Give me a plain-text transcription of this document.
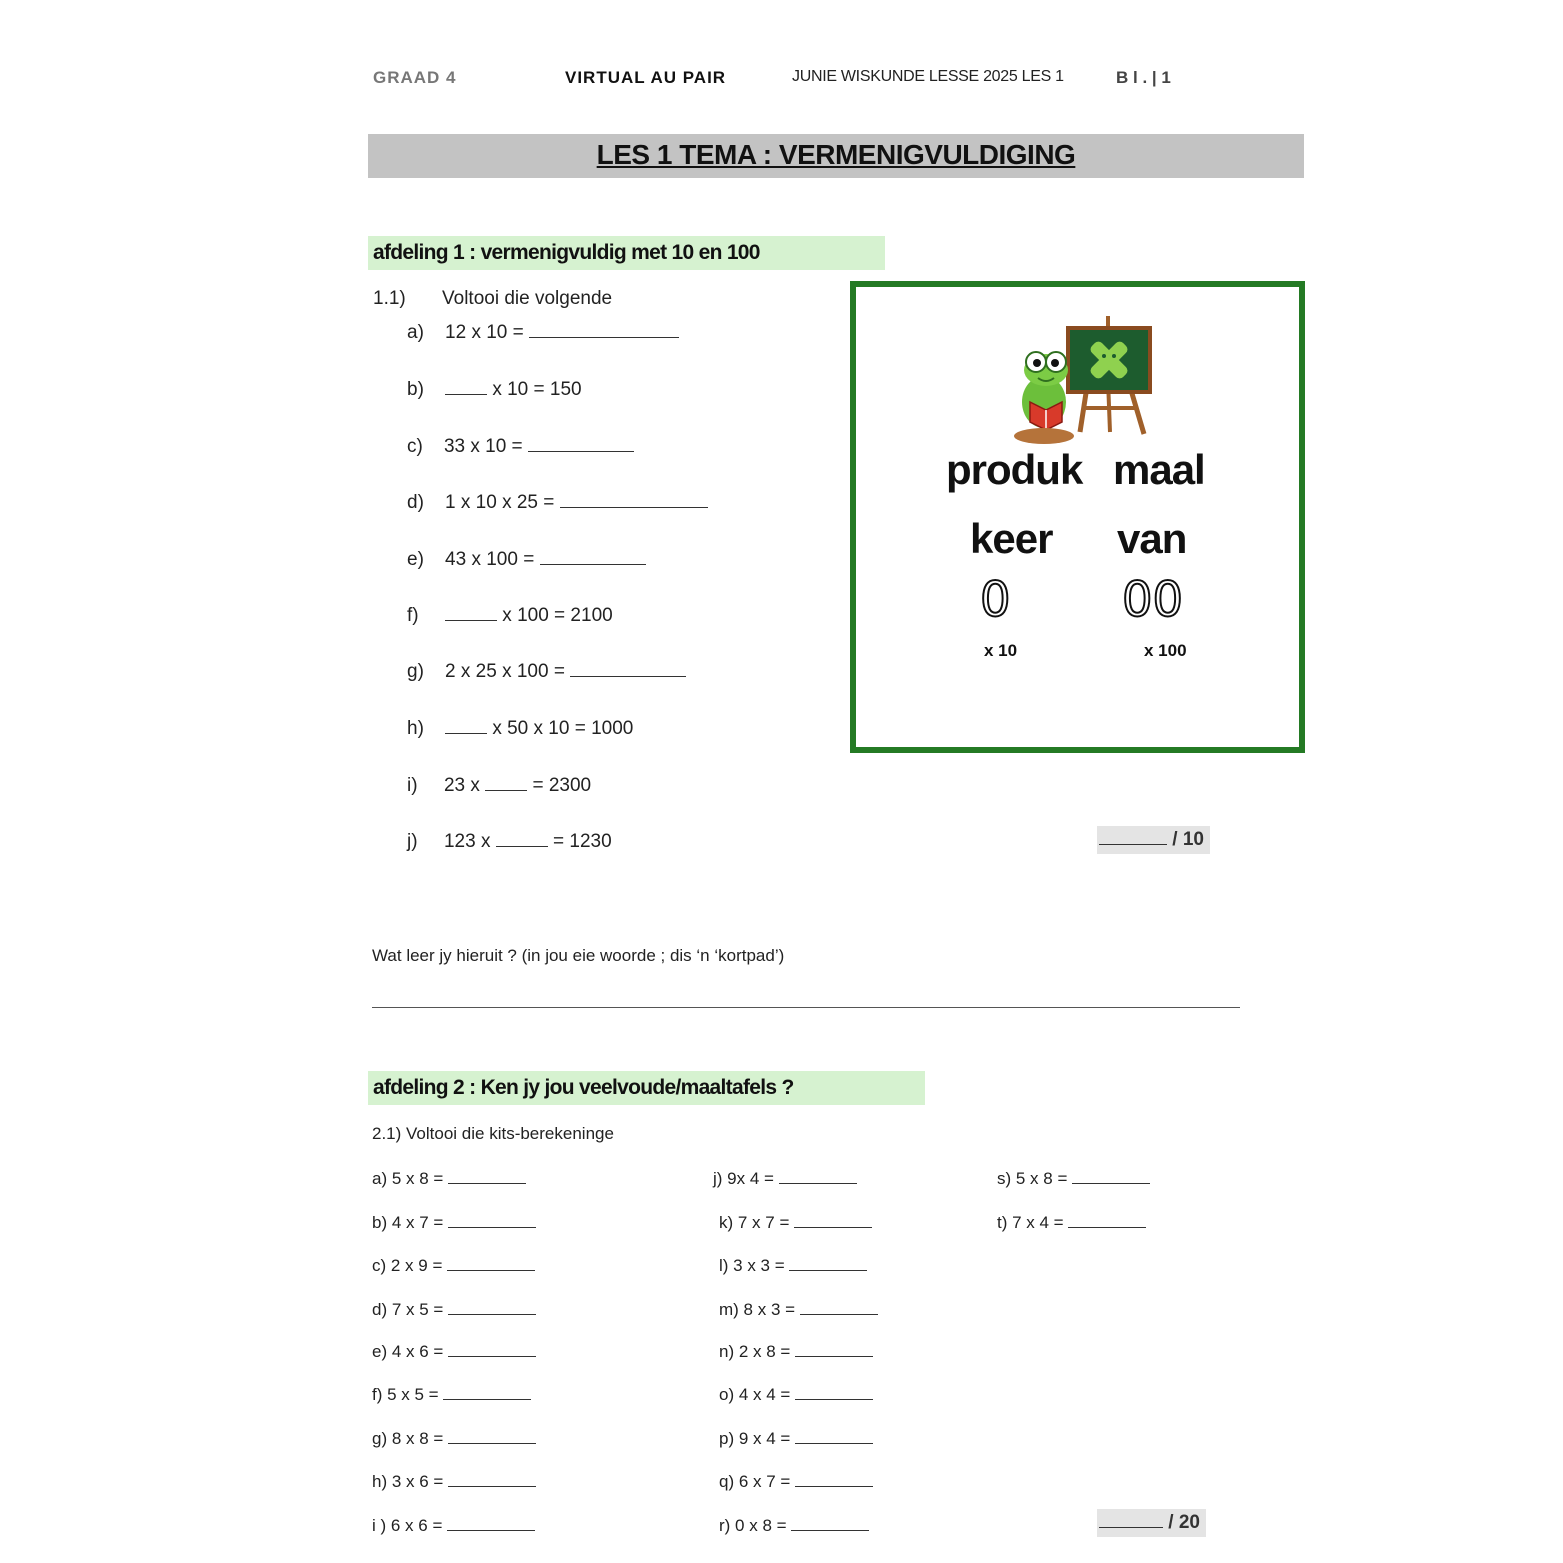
GRAAD 4	VIRTUAL AU PAIR	JUNIE WISKUNDE LESSE 2025 LES 1	B l . | 1
LES 1 TEMA : VERMENIGVULDIGING
afdeling 1 : vermenigvuldig met 10 en 100
1.1) Voltooi die volgende
a) 12 x 10 =
b)	x 10 = 150
c) 33 x 10 =
d) 1 x 10 x 25 =
e) 43 x 100 =
f)	x 100 = 2100
g) 2 x 25 x 100 =
h)	x 50 x 10 = 1000
i) 23 x	= 2300
j) 123 x	= 1230	/ 10
produk maal
keer van
0 00
x 10	x 100
Wat leer jy hieruit ? (in jou eie woorde ; dis ‘n ‘kortpad’)
afdeling 2 : Ken jy jou veelvoude/maaltafels ?
2.1) Voltooi die kits-berekeninge
a) 5 x 8 =
b) 4 x 7 =
c) 2 x 9 =
d) 7 x 5 =
e) 4 x 6 =
f) 5 x 5 =
g) 8 x 8 =
h) 3 x 6 =
i ) 6 x 6 =
j) 9x 4 =
k) 7 x 7 =
l) 3 x 3 =
m) 8 x 3 =
n) 2 x 8 =
o) 4 x 4 =
p) 9 x 4 =
q) 6 x 7 =
r) 0 x 8 =
s) 5 x 8 =
t) 7 x 4 =
/ 20
